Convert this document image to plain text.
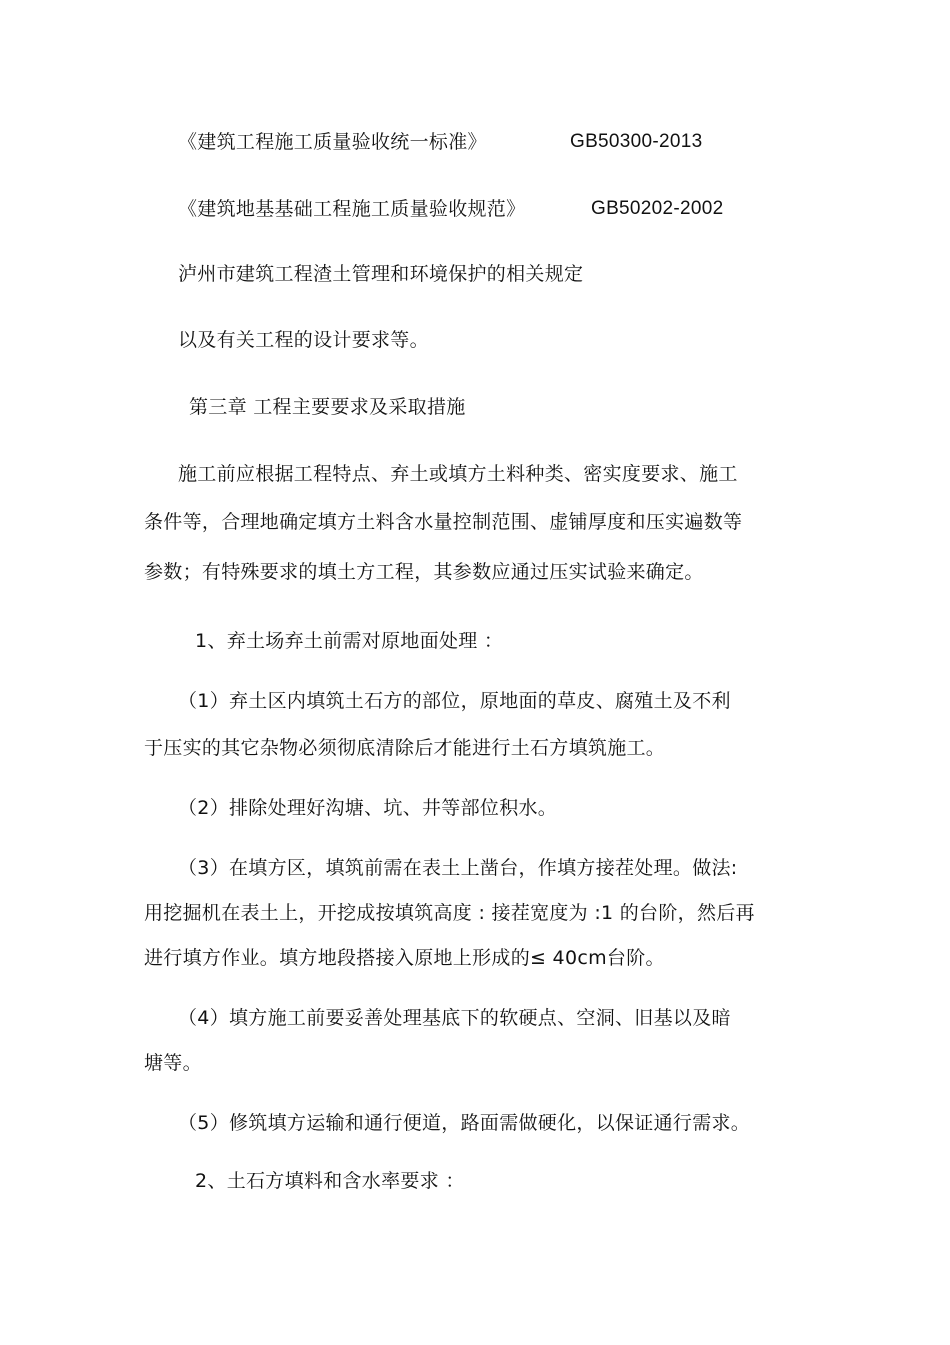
《建筑工程施工质量验收统一标准》	GB50300-2013
《建筑地基基础工程施工质量验收规范》	GB50202-2002
泸州市建筑工程渣土管理和环境保护的相关规定
以及有关工程的设计要求等。
第三章 工程主要要求及采取措施
施工前应根据工程特点、弃土或填方土料种类、密实度要求、施工
条件等，合理地确定填方土料含水量控制范围、虚铺厚度和压实遍数等
参数；有特殊要求的填土方工程，其参数应通过压实试验来确定。
1、弃土场弃土前需对原地面处理 ：
（1）弃土区内填筑土石方的部位，原地面的草皮、腐殖土及不利
于压实的其它杂物必须彻底清除后才能进行土石方填筑施工。
（2）排除处理好沟塘、坑、井等部位积水。
（3）在填方区，填筑前需在表土上凿台，作填方接茬处理。做法:
用挖掘机在表土上，开挖成按填筑高度 : 接茬宽度为 :1 的台阶，然后再
进行填方作业。填方地段搭接入原地上形成的≤ 40cm台阶。
（4）填方施工前要妥善处理基底下的软硬点、空洞、旧基以及暗
塘等。
（5）修筑填方运输和通行便道，路面需做硬化，以保证通行需求。
2、土石方填料和含水率要求 ：
